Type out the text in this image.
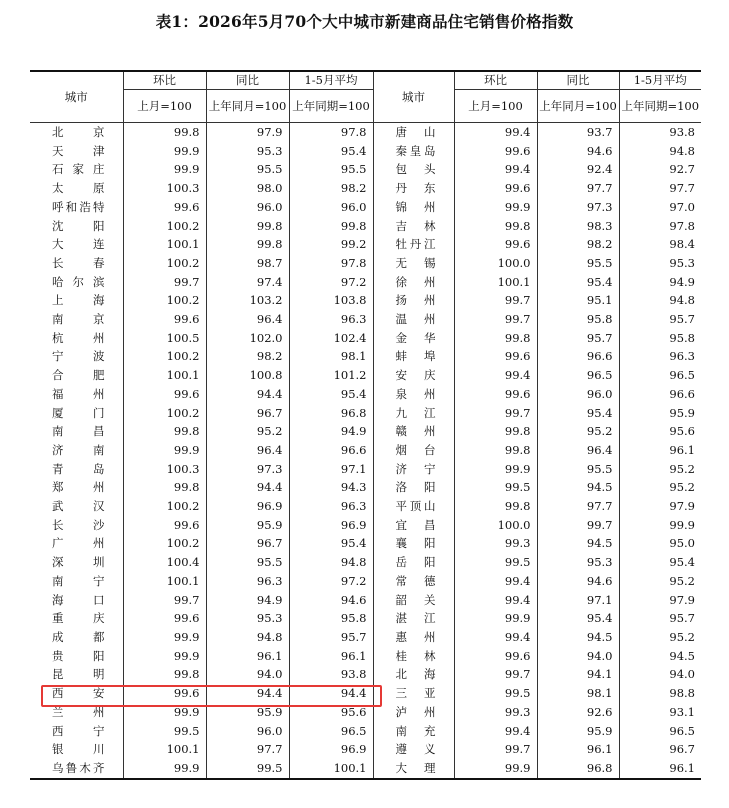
表1：2026年5月70个大中城市新建商品住宅销售价格指数
城市	环比	同比	1-5月平均	城市	环比	同比	1-5月平均
	上月=100	上年同月=100	上年同期=100		上月=100	上年同月=100	上年同期=100
北京	99.8	97.9	97.8	唐山	99.4	93.7	93.8
天津	99.9	95.3	95.4	秦皇岛	99.6	94.6	94.8
石家庄	99.9	95.5	95.5	包头	99.4	92.4	92.7
太原	100.3	98.0	98.2	丹东	99.6	97.7	97.7
呼和浩特	99.6	96.0	96.0	锦州	99.9	97.3	97.0
沈阳	100.2	99.8	99.8	吉林	99.8	98.3	97.8
大连	100.1	99.8	99.2	牡丹江	99.6	98.2	98.4
长春	100.2	98.7	97.8	无锡	100.0	95.5	95.3
哈尔滨	99.7	97.4	97.2	徐州	100.1	95.4	94.9
上海	100.2	103.2	103.8	扬州	99.7	95.1	94.8
南京	99.6	96.4	96.3	温州	99.7	95.8	95.7
杭州	100.5	102.0	102.4	金华	99.8	95.7	95.8
宁波	100.2	98.2	98.1	蚌埠	99.6	96.6	96.3
合肥	100.1	100.8	101.2	安庆	99.4	96.5	96.5
福州	99.6	94.4	95.4	泉州	99.6	96.0	96.6
厦门	100.2	96.7	96.8	九江	99.7	95.4	95.9
南昌	99.8	95.2	94.9	赣州	99.8	95.2	95.6
济南	99.9	96.4	96.6	烟台	99.8	96.4	96.1
青岛	100.3	97.3	97.1	济宁	99.9	95.5	95.2
郑州	99.8	94.4	94.3	洛阳	99.5	94.5	95.2
武汉	100.2	96.9	96.3	平顶山	99.8	97.7	97.9
长沙	99.6	95.9	96.9	宜昌	100.0	99.7	99.9
广州	100.2	96.7	95.4	襄阳	99.3	94.5	95.0
深圳	100.4	95.5	94.8	岳阳	99.5	95.3	95.4
南宁	100.1	96.3	97.2	常德	99.4	94.6	95.2
海口	99.7	94.9	94.6	韶关	99.4	97.1	97.9
重庆	99.6	95.3	95.8	湛江	99.9	95.4	95.7
成都	99.9	94.8	95.7	惠州	99.4	94.5	95.2
贵阳	99.9	96.1	96.1	桂林	99.6	94.0	94.5
昆明	99.8	94.0	93.8	北海	99.7	94.1	94.0
西安	99.6	94.4	94.4	三亚	99.5	98.1	98.8
兰州	99.9	95.9	95.6	泸州	99.3	92.6	93.1
西宁	99.5	96.0	96.5	南充	99.4	95.9	96.5
银川	100.1	97.7	96.9	遵义	99.7	96.1	96.7
乌鲁木齐	99.9	99.5	100.1	大理	99.9	96.8	96.1
